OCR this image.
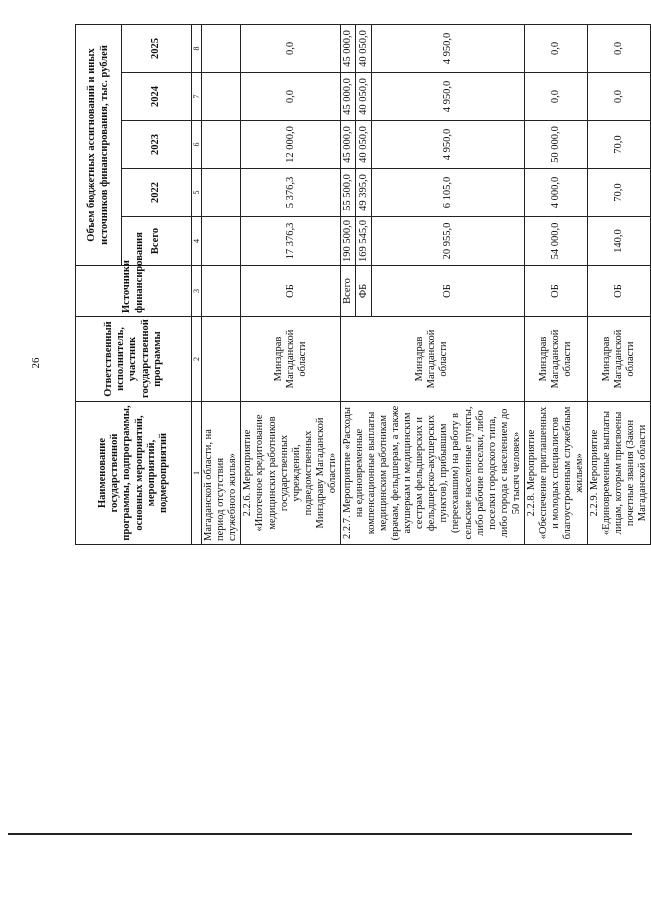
26
Наименование государственной программы, подпрограммы, основных мероприятий, мероприятий, подмероприятий	Ответственный исполнитель, участник государственной программы	Источники финансирования	Объем бюджетных ассигнований и иных источников финансирования, тыс. рублей				
			Всего	2022	2023	2024	2025
1	2	3	4	5	6	7	8
Магаданской области, на период отсутствия служебного жилья»							
2.2.6. Мероприятие «Ипотечное кредитование медицинских работников государственных учреждений, подведомственных Минздраву Магаданской области»	Минздрав Магаданской области	ОБ	17 376,3	5 376,3	12 000,0	0,0	0,0
2.2.7. Мероприятие «Расходы на единовременные компенсационные выплаты медицинским работникам (врачам, фельдшерам, а также акушеркам и медицинским сестрам фельдшерских и фельдшерско-акушерских пунктов), прибывшим (переехавшим) на работу в сельские населенные пункты, либо рабочие поселки, либо поселки городского типа, либо города с населением до 50 тысяч человек»	Минздрав Магаданской области	Всего	190 500,0	55 500,0	45 000,0	45 000,0	45 000,0
		ФБ	169 545,0	49 395,0	40 050,0	40 050,0	40 050,0
		ОБ	20 955,0	6 105,0	4 950,0	4 950,0	4 950,0
2.2.8. Мероприятие «Обеспечение приглашенных и молодых специалистов благоустроенным служебным жильем»	Минздрав Магаданской области	ОБ	54 000,0	4 000,0	50 000,0	0,0	0,0
2.2.9. Мероприятие «Единовременные выплаты лицам, которым присвоены почетные звания (Закон Магаданской области	Минздрав Магаданской области	ОБ	140,0	70,0	70,0	0,0	0,0
